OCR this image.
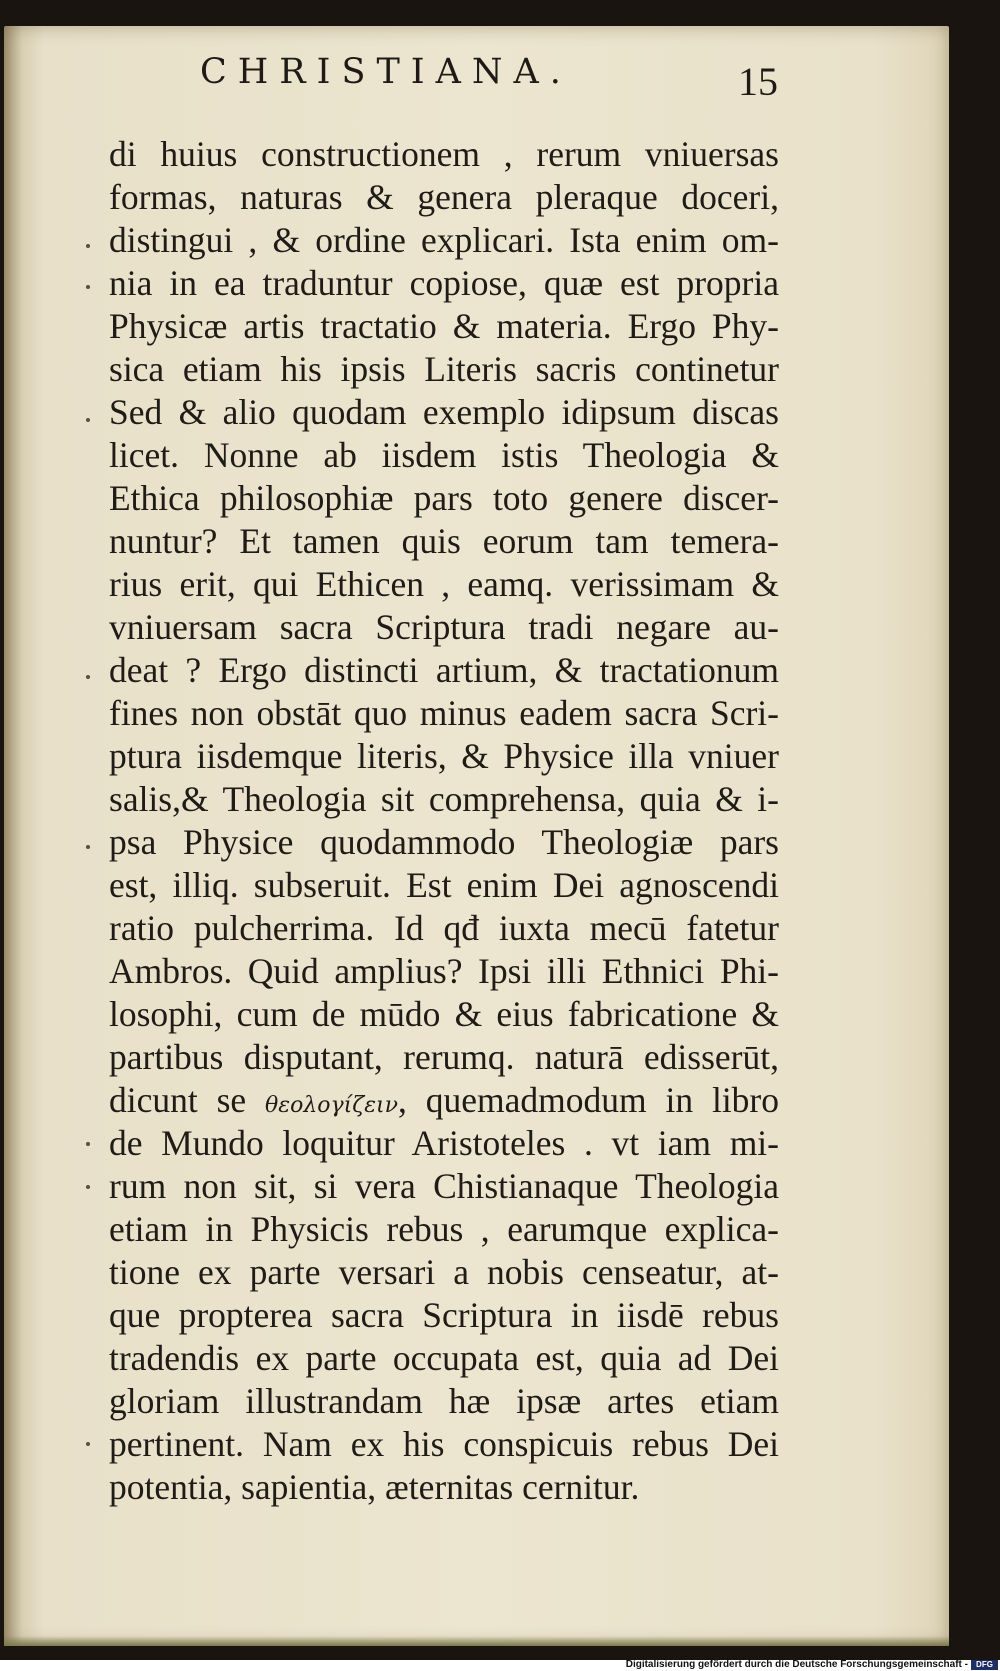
CHRISTIANA.	15
di huius constructionem , rerum vniuersas
formas, naturas & genera pleraque doceri,
distingui , & ordine explicari. Ista enim om-
nia in ea traduntur copiose, quæ est propria
Physicæ artis tractatio & materia. Ergo Phy-
sica etiam his ipsis Literis sacris continetur
Sed & alio quodam exemplo idipsum discas
licet. Nonne ab iisdem istis Theologia &
Ethica philosophiæ pars toto genere discer-
nuntur? Et tamen quis eorum tam temera-
rius erit, qui Ethicen , eamq. verissimam &
vniuersam sacra Scriptura tradi negare au-
deat ? Ergo distincti artium, & tractationum
fines non obstāt quo minus eadem sacra Scri-
ptura iisdemque literis, & Physice illa vniuer
salis,& Theologia sit comprehensa, quia & i-
psa Physice quodammodo Theologiæ pars
est, illiq. subseruit. Est enim Dei agnoscendi
ratio pulcherrima. Id qđ iuxta mecū fatetur
Ambros. Quid amplius? Ipsi illi Ethnici Phi-
losophi, cum de mūdo & eius fabricatione &
partibus disputant, rerumq. naturā edisserūt,
dicunt se θεολογίζειν, quemadmodum in libro
de Mundo loquitur Aristoteles . vt iam mi-
rum non sit, si vera Chistianaque Theologia
etiam in Physicis rebus , earumque explica-
tione ex parte versari a nobis censeatur, at-
que propterea sacra Scriptura in iisdē rebus
tradendis ex parte occupata est, quia ad Dei
gloriam illustrandam hæ ipsæ artes etiam
pertinent. Nam ex his conspicuis rebus Dei
potentia, sapientia, æternitas cernitur.
Digitalisierung gefördert durch die Deutsche Forschungsgemeinschaft -	DFG
